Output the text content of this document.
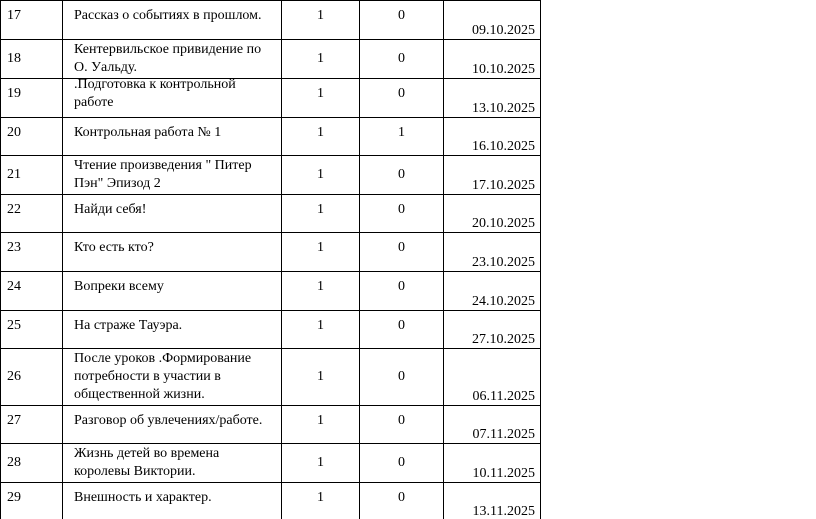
17	Рассказ о событиях в прошлом.	1	0	09.10.2025
18	Кентервильское привидение по О. Уальду.	1	0	10.10.2025
19	.Подготовка к контрольной работе	1	0	13.10.2025
20	Контрольная работа № 1	1	1	16.10.2025
21	Чтение произведения " Питер Пэн" Эпизод 2	1	0	17.10.2025
22	Найди себя!	1	0	20.10.2025
23	Кто есть кто?	1	0	23.10.2025
24	Вопреки всему	1	0	24.10.2025
25	На страже Тауэра.	1	0	27.10.2025
26	После уроков .Формирование потребности в участии в общественной жизни.	1	0	06.11.2025
27	Разговор об увлечениях/работе.	1	0	07.11.2025
28	Жизнь детей во времена королевы Виктории.	1	0	10.11.2025
29	Внешность и характер.	1	0	13.11.2025
